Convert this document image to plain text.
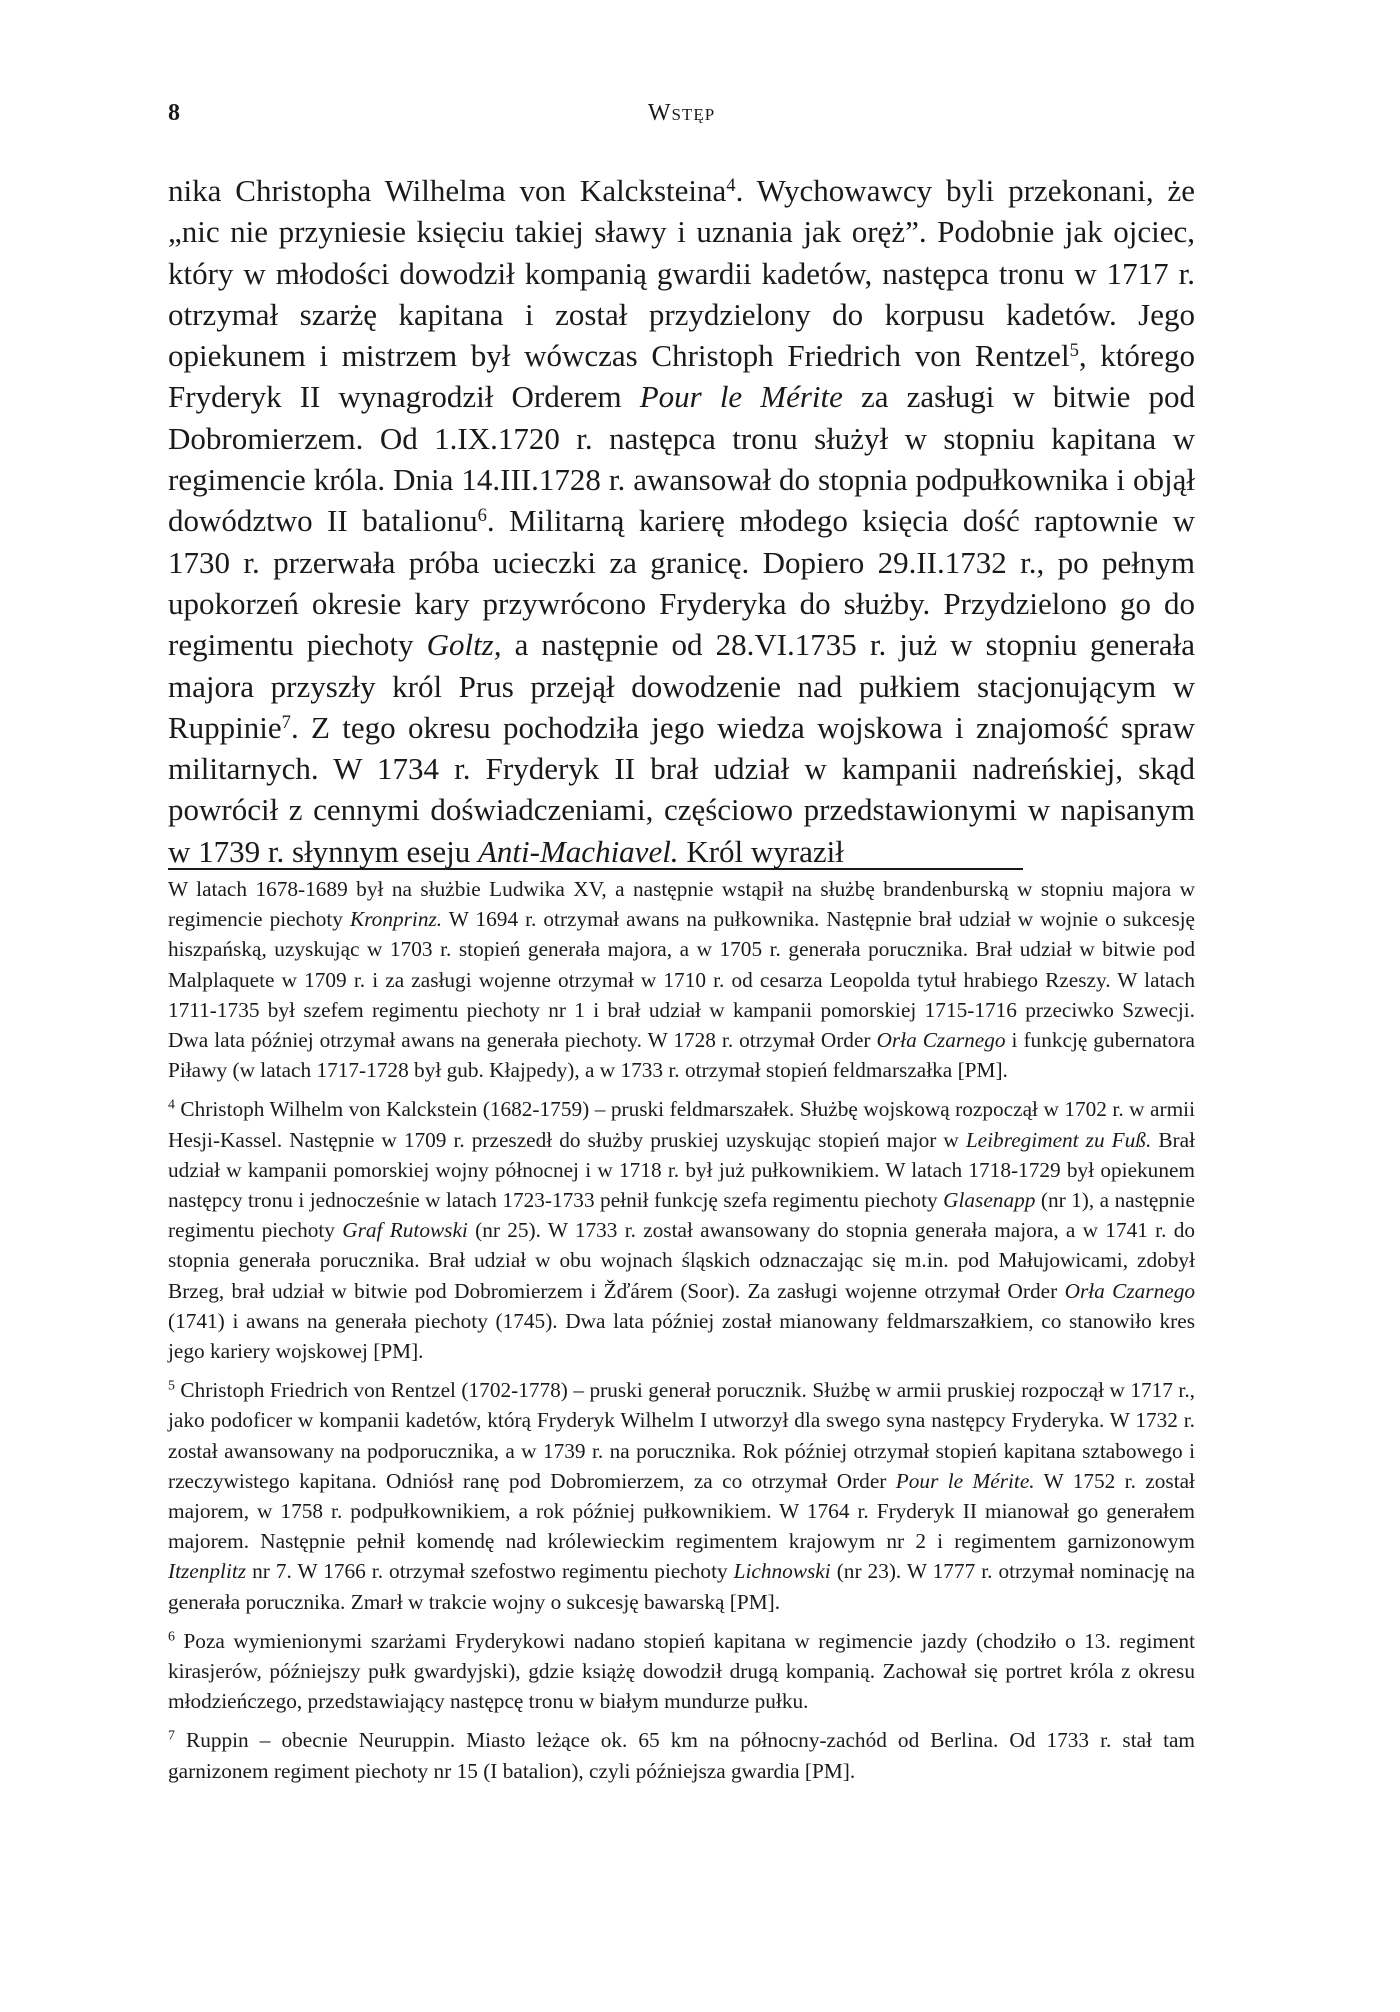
8	Wstęp

nika Christopha Wilhelma von Kalcksteina$^4$. Wychowawcy byli przekonani, że „nic nie przyniesie księciu takiej sławy i uznania jak oręż”. Podobnie jak ojciec, który w młodości dowodził kompanią gwardii kadetów, następca tronu w 1717 r. otrzymał szarżę kapitana i został przydzielony do korpusu kadetów. Jego opiekunem i mistrzem był wówczas Christoph Friedrich von Rentzel$^5$, którego Fryderyk II wynagrodził Orderem Pour le Mérite za zasługi w bitwie pod Dobromierzem. Od 1.IX.1720 r. następca tronu służył w stopniu kapitana w regimencie króla. Dnia 14.III.1728 r. awansował do stopnia podpułkownika i objął dowództwo II batalionu$^6$. Militarną karierę młodego księcia dość raptownie w 1730 r. przerwała próba ucieczki za granicę. Dopiero 29.II.1732 r., po pełnym upokorzeń okresie kary przywrócono Fryderyka do służby. Przydzielono go do regimentu piechoty Goltz, a następnie od 28.VI.1735 r. już w stopniu generała majora przyszły król Prus przejął dowodzenie nad pułkiem stacjonującym w Ruppinie$^7$. Z tego okresu pochodziła jego wiedza wojskowa i znajomość spraw militarnych. W 1734 r. Fryderyk II brał udział w kampanii nadreńskiej, skąd powrócił z cennymi doświadczeniami, częściowo przedstawionymi w napisanym w 1739 r. słynnym eseju Anti-Machiavel. Król wyraził

W latach 1678-1689 był na służbie Ludwika XV, a następnie wstąpił na służbę brandenburską w stopniu majora w regimencie piechoty Kronprinz. W 1694 r. otrzymał awans na pułkownika. Następnie brał udział w wojnie o sukcesję hiszpańską, uzyskując w 1703 r. stopień generała majora, a w 1705 r. generała porucznika. Brał udział w bitwie pod Malplaquete w 1709 r. i za zasługi wojenne otrzymał w 1710 r. od cesarza Leopolda tytuł hrabiego Rzeszy. W latach 1711-1735 był szefem regimentu piechoty nr 1 i brał udział w kampanii pomorskiej 1715-1716 przeciwko Szwecji. Dwa lata później otrzymał awans na generała piechoty. W 1728 r. otrzymał Order Orła Czarnego i funkcję gubernatora Piławy (w latach 1717-1728 był gub. Kłajpedy), a w 1733 r. otrzymał stopień feldmarszałka [PM].

$^4$ Christoph Wilhelm von Kalckstein (1682-1759) – pruski feldmarszałek. Służbę wojskową rozpoczął w 1702 r. w armii Hesji-Kassel. Następnie w 1709 r. przeszedł do służby pruskiej uzyskując stopień major w Leibregiment zu Fuß. Brał udział w kampanii pomorskiej wojny północnej i w 1718 r. był już pułkownikiem. W latach 1718-1729 był opiekunem następcy tronu i jednocześnie w latach 1723-1733 pełnił funkcję szefa regimentu piechoty Glasenapp (nr 1), a następnie regimentu piechoty Graf Rutowski (nr 25). W 1733 r. został awansowany do stopnia generała majora, a w 1741 r. do stopnia generała porucznika. Brał udział w obu wojnach śląskich odznaczając się m.in. pod Małujowicami, zdobył Brzeg, brał udział w bitwie pod Dobromierzem i Žďárem (Soor). Za zasługi wojenne otrzymał Order Orła Czarnego (1741) i awans na generała piechoty (1745). Dwa lata później został mianowany feldmarszałkiem, co stanowiło kres jego kariery wojskowej [PM].

$^5$ Christoph Friedrich von Rentzel (1702-1778) – pruski generał porucznik. Służbę w armii pruskiej rozpoczął w 1717 r., jako podoficer w kompanii kadetów, którą Fryderyk Wilhelm I utworzył dla swego syna następcy Fryderyka. W 1732 r. został awansowany na podporucznika, a w 1739 r. na porucznika. Rok później otrzymał stopień kapitana sztabowego i rzeczywistego kapitana. Odniósł ranę pod Dobromierzem, za co otrzymał Order Pour le Mérite. W 1752 r. został majorem, w 1758 r. podpułkownikiem, a rok później pułkownikiem. W 1764 r. Fryderyk II mianował go generałem majorem. Następnie pełnił komendę nad królewieckim regimentem krajowym nr 2 i regimentem garnizonowym Itzenplitz nr 7. W 1766 r. otrzymał szefostwo regimentu piechoty Lichnowski (nr 23). W 1777 r. otrzymał nominację na generała porucznika. Zmarł w trakcie wojny o sukcesję bawarską [PM].

$^6$ Poza wymienionymi szarżami Fryderykowi nadano stopień kapitana w regimencie jazdy (chodziło o 13. regiment kirasjerów, późniejszy pułk gwardyjski), gdzie książę dowodził drugą kompanią. Zachował się portret króla z okresu młodzieńczego, przedstawiający następcę tronu w białym mundurze pułku.

$^7$ Ruppin – obecnie Neuruppin. Miasto leżące ok. 65 km na północny-zachód od Berlina. Od 1733 r. stał tam garnizonem regiment piechoty nr 15 (I batalion), czyli późniejsza gwardia [PM].
